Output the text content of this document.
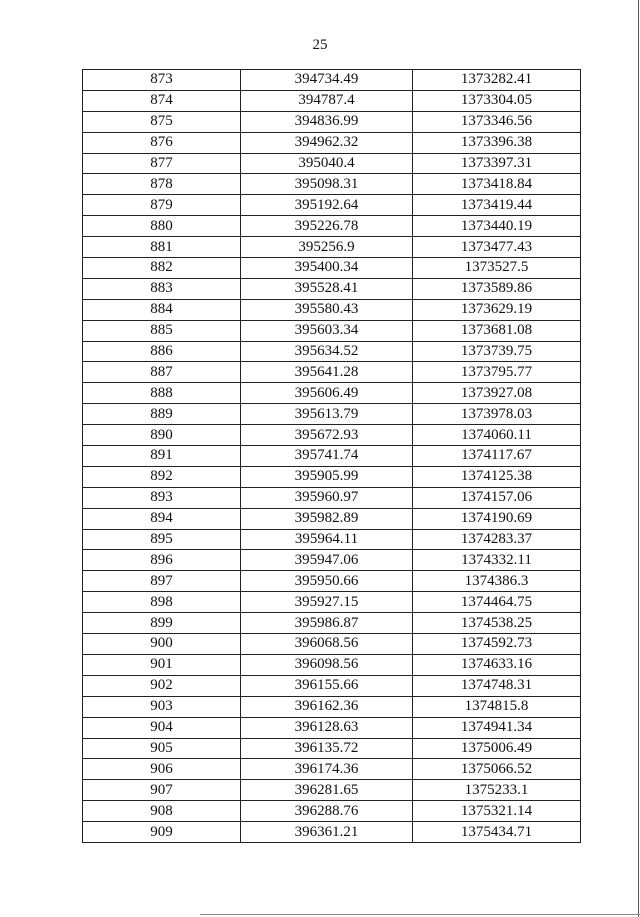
25
873	394734.49	1373282.41
874	394787.4	1373304.05
875	394836.99	1373346.56
876	394962.32	1373396.38
877	395040.4	1373397.31
878	395098.31	1373418.84
879	395192.64	1373419.44
880	395226.78	1373440.19
881	395256.9	1373477.43
882	395400.34	1373527.5
883	395528.41	1373589.86
884	395580.43	1373629.19
885	395603.34	1373681.08
886	395634.52	1373739.75
887	395641.28	1373795.77
888	395606.49	1373927.08
889	395613.79	1373978.03
890	395672.93	1374060.11
891	395741.74	1374117.67
892	395905.99	1374125.38
893	395960.97	1374157.06
894	395982.89	1374190.69
895	395964.11	1374283.37
896	395947.06	1374332.11
897	395950.66	1374386.3
898	395927.15	1374464.75
899	395986.87	1374538.25
900	396068.56	1374592.73
901	396098.56	1374633.16
902	396155.66	1374748.31
903	396162.36	1374815.8
904	396128.63	1374941.34
905	396135.72	1375006.49
906	396174.36	1375066.52
907	396281.65	1375233.1
908	396288.76	1375321.14
909	396361.21	1375434.71
